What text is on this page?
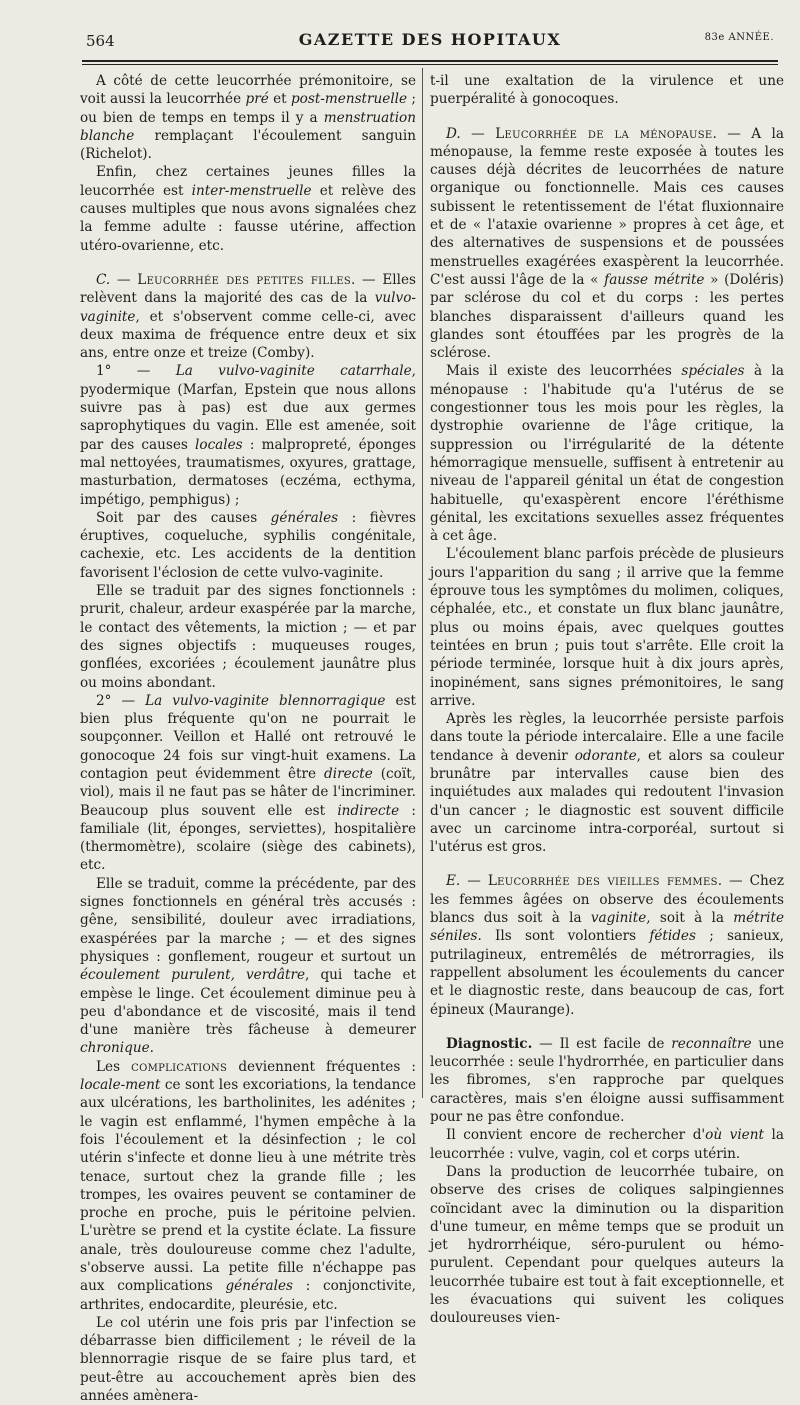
564	GAZETTE DES HOPITAUX	83e ANNÉE.

A côté de cette leucorrhée prémonitoire, se voit aussi la leucorrhée pré et post-menstruelle ; ou bien de temps en temps il y a menstruation blanche remplaçant l'écoulement sanguin (Richelot).

Enfin, chez certaines jeunes filles la leucorrhée est inter-menstruelle et relève des causes multiples que nous avons signalées chez la femme adulte : fausse utérine, affection utéro-ovarienne, etc.

C. — Leucorrhée des petites filles. — Elles relèvent dans la majorité des cas de la vulvo-vaginite, et s'observent comme celle-ci, avec deux maxima de fréquence entre deux et six ans, entre onze et treize (Comby).

1° — La vulvo-vaginite catarrhale, pyodermique (Marfan, Epstein que nous allons suivre pas à pas) est due aux germes saprophytiques du vagin. Elle est amenée, soit par des causes locales : malpropreté, éponges mal nettoyées, traumatismes, oxyures, grattage, masturbation, dermatoses (eczéma, ecthyma, impétigo, pemphigus) ;

Soit par des causes générales : fièvres éruptives, coqueluche, syphilis congénitale, cachexie, etc. Les accidents de la dentition favorisent l'éclosion de cette vulvo-vaginite.

Elle se traduit par des signes fonctionnels : prurit, chaleur, ardeur exaspérée par la marche, le contact des vêtements, la miction ; — et par des signes objectifs : muqueuses rouges, gonflées, excoriées ; écoulement jaunâtre plus ou moins abondant.

2° — La vulvo-vaginite blennorragique est bien plus fréquente qu'on ne pourrait le soupçonner. Veillon et Hallé ont retrouvé le gonocoque 24 fois sur vingt-huit examens. La contagion peut évidemment être directe (coït, viol), mais il ne faut pas se hâter de l'incriminer. Beaucoup plus souvent elle est indirecte : familiale (lit, éponges, serviettes), hospitalière (thermomètre), scolaire (siège des cabinets), etc.

Elle se traduit, comme la précédente, par des signes fonctionnels en général très accusés : gêne, sensibilité, douleur avec irradiations, exaspérées par la marche ; — et des signes physiques : gonflement, rougeur et surtout un écoulement purulent, verdâtre, qui tache et empèse le linge. Cet écoulement diminue peu à peu d'abondance et de viscosité, mais il tend d'une manière très fâcheuse à demeurer chronique.

Les complications deviennent fréquentes : locale-ment ce sont les excoriations, la tendance aux ulcérations, les bartholinites, les adénites ; le vagin est enflammé, l'hymen empêche à la fois l'écoulement et la désinfection ; le col utérin s'infecte et donne lieu à une métrite très tenace, surtout chez la grande fille ; les trompes, les ovaires peuvent se contaminer de proche en proche, puis le péritoine pelvien. L'urètre se prend et la cystite éclate. La fissure anale, très douloureuse comme chez l'adulte, s'observe aussi. La petite fille n'échappe pas aux complications générales : conjonctivite, arthrites, endocardite, pleurésie, etc.

Le col utérin une fois pris par l'infection se débarrasse bien difficilement ; le réveil de la blennorragie risque de se faire plus tard, et peut-être au accouchement après bien des années amènera-

t-il une exaltation de la virulence et une puerpéralité à gonocoques.

D. — Leucorrhée de la ménopause. — A la ménopause, la femme reste exposée à toutes les causes déjà décrites de leucorrhées de nature organique ou fonctionnelle. Mais ces causes subissent le retentissement de l'état fluxionnaire et de « l'ataxie ovarienne » propres à cet âge, et des alternatives de suspensions et de poussées menstruelles exagérées exaspèrent la leucorrhée. C'est aussi l'âge de la « fausse métrite » (Doléris) par sclérose du col et du corps : les pertes blanches disparaissent d'ailleurs quand les glandes sont étouffées par les progrès de la sclérose.

Mais il existe des leucorrhées spéciales à la ménopause : l'habitude qu'a l'utérus de se congestionner tous les mois pour les règles, la dystrophie ovarienne de l'âge critique, la suppression ou l'irrégularité de la détente hémorragique mensuelle, suffisent à entretenir au niveau de l'appareil génital un état de congestion habituelle, qu'exaspèrent encore l'éréthisme génital, les excitations sexuelles assez fréquentes à cet âge.

L'écoulement blanc parfois précède de plusieurs jours l'apparition du sang ; il arrive que la femme éprouve tous les symptômes du molimen, coliques, céphalée, etc., et constate un flux blanc jaunâtre, plus ou moins épais, avec quelques gouttes teintées en brun ; puis tout s'arrête. Elle croit la période terminée, lorsque huit à dix jours après, inopinément, sans signes prémonitoires, le sang arrive.

Après les règles, la leucorrhée persiste parfois dans toute la période intercalaire. Elle a une facile tendance à devenir odorante, et alors sa couleur brunâtre par intervalles cause bien des inquiétudes aux malades qui redoutent l'invasion d'un cancer ; le diagnostic est souvent difficile avec un carcinome intra-corporéal, surtout si l'utérus est gros.

E. — Leucorrhée des vieilles femmes. — Chez les femmes âgées on observe des écoulements blancs dus soit à la vaginite, soit à la métrite séniles. Ils sont volontiers fétides ; sanieux, putrilagineux, entremêlés de métrorragies, ils rappellent absolument les écoulements du cancer et le diagnostic reste, dans beaucoup de cas, fort épineux (Maurange).

Diagnostic. — Il est facile de reconnaître une leucorrhée : seule l'hydrorrhée, en particulier dans les fibromes, s'en rapproche par quelques caractères, mais s'en éloigne aussi suffisamment pour ne pas être confondue.

Il convient encore de rechercher d'où vient la leucorrhée : vulve, vagin, col et corps utérin.

Dans la production de leucorrhée tubaire, on observe des crises de coliques salpingiennes coïncidant avec la diminution ou la disparition d'une tumeur, en même temps que se produit un jet hydrorrhéique, séro-purulent ou hémo-purulent. Cependant pour quelques auteurs la leucorrhée tubaire est tout à fait exceptionnelle, et les évacuations qui suivent les coliques douloureuses vien-
